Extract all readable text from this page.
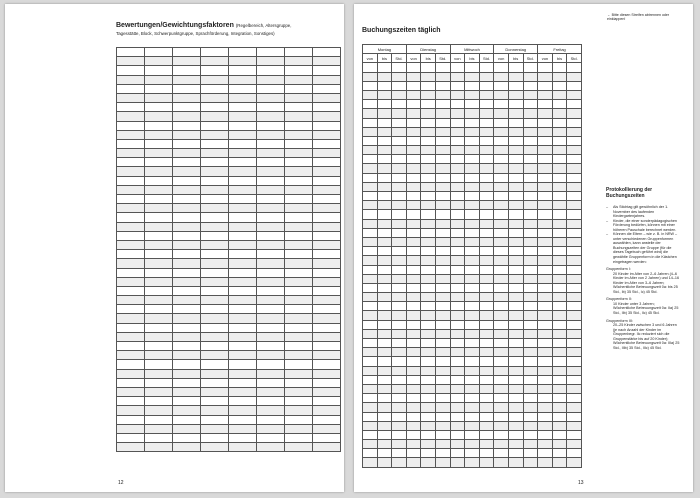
Bewertungen/Gewichtungsfaktoren (Regelbereich, Altersgruppe,
Tagesstätte, Block, Schwerpunktgruppe, Sprachförderung, Integration, Sonstiges)

12
← Bitte diesen Streifen abtrennen oder einklappen!
Buchungszeiten täglich
Montag			Dienstag			Mittwoch			Donnerstag			Freitag		
von	bis	Std.	von	bis	Std.	von	bis	Std.	von	bis	Std.	von	bis	Std.

13
Protokollierung der
Buchungszeiten
– Als Stichtag gilt gewöhnlich der 1. November des laufenden Kindergartenjahres.
– Kinder, die einer sonderpädagogischen Förderung bedürfen, können mit einer höheren Pauschale berechnet werden.
– Können die Eltern – wie z. B. in NRW – unter verschiedenen Gruppenformen auswählen, kann anstelle der Buchungszeiten der Gruppe (für die dieses Tagebuch geführt wird) die gewählte Gruppenform in die Kästchen eingetragen werden:

Gruppenform I:
20 Kinder im Alter von 2–6 Jahren (4–6 Kinder im Alter von 2 Jahren) und 14–16 Kinder im Alter von 3–6 Jahren;
Wöchentliche Betreuungszeit 0a: bis 25 Std., Ib) 35 Std., Ic) 45 Std.

Gruppenform II:
10 Kinder unter 3 Jahren;
Wöchentliche Betreuungszeit 0a: IIa) 25 Std., IIb) 35 Std., IIc) 45 Std.

Gruppenform III:
20–25 Kinder zwischen 3 und 6 Jahren (je nach Anzahl der Kinder im Gruppenbegr. IIc reduziert sich die Gruppenstärke bis auf 20 Kinder);
Wöchentliche Betreuungszeit 0a: IIIa) 25 Std., IIIb) 35 Std., IIIc) 45 Std.
